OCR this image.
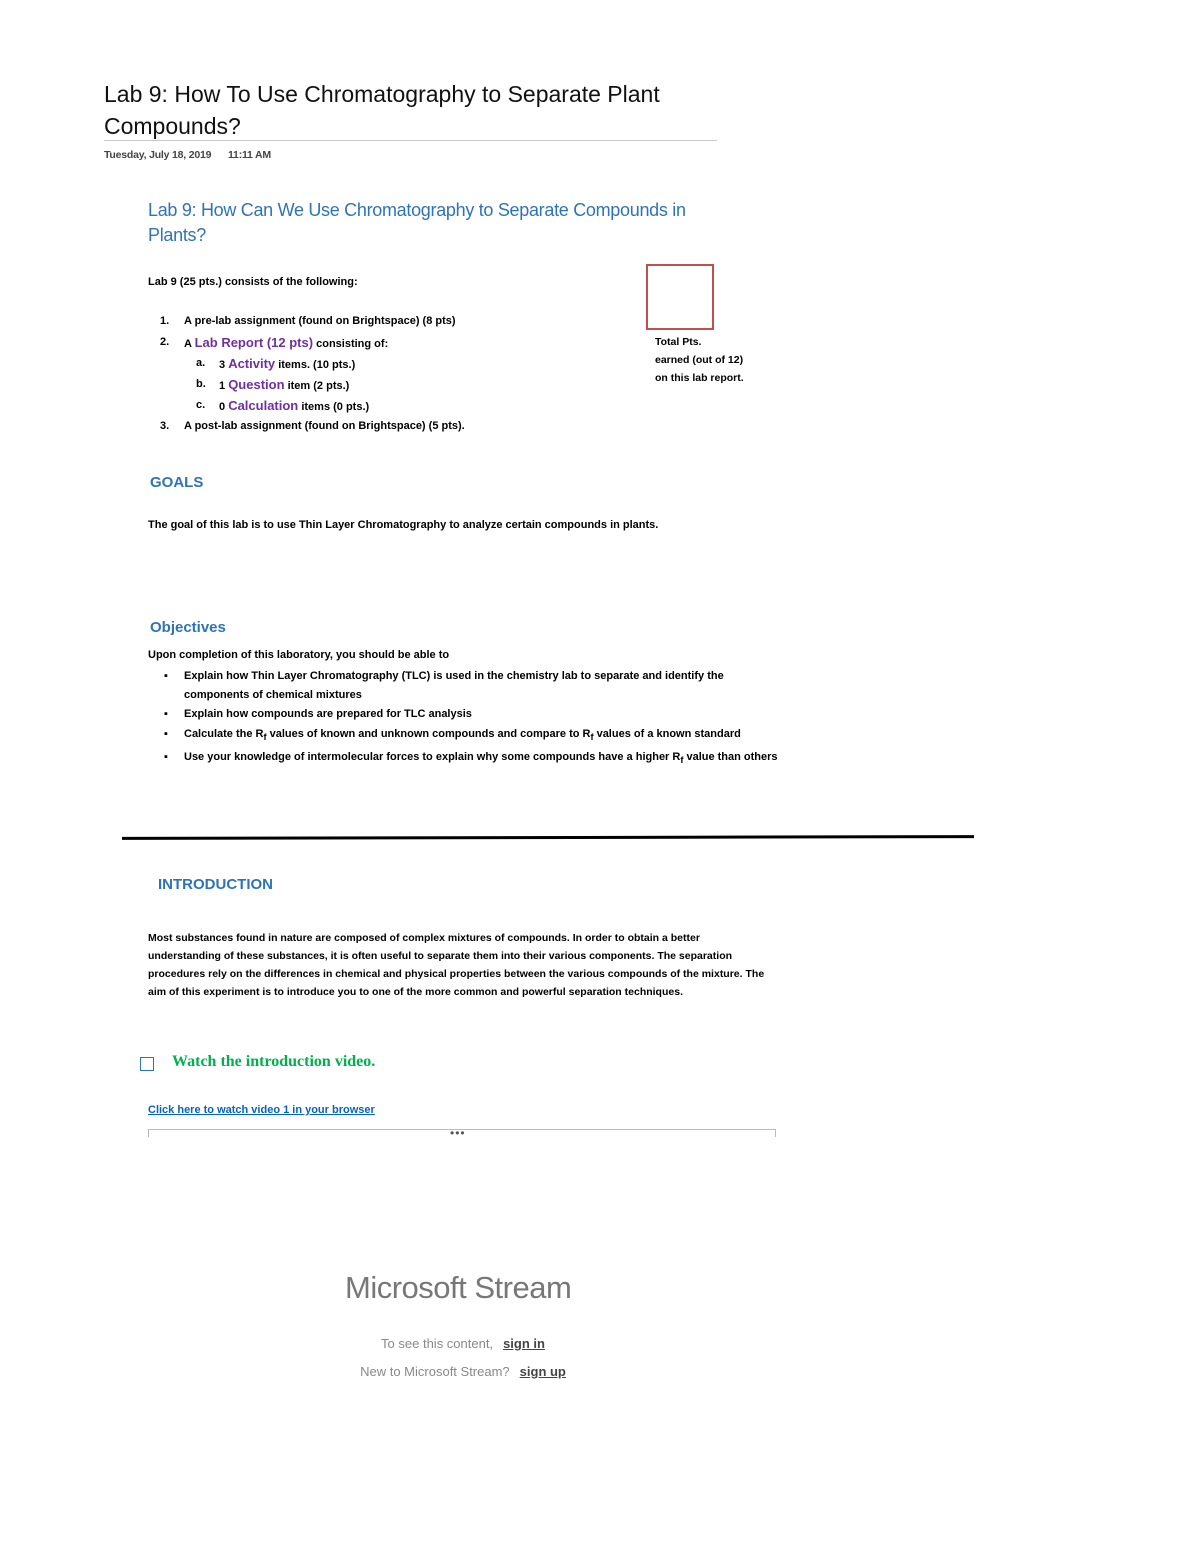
Lab 9: How To Use Chromatography to Separate Plant Compounds?
Tuesday, July 18, 2019 11:11 AM
Lab 9: How Can We Use Chromatography to Separate Compounds in Plants?
Lab 9 (25 pts.) consists of the following:
1. A pre-lab assignment (found on Brightspace) (8 pts)
2. A Lab Report (12 pts) consisting of:
a. 3 Activity items. (10 pts.)
b. 1 Question item (2 pts.)
c. 0 Calculation items (0 pts.)
3. A post-lab assignment (found on Brightspace) (5 pts).
Total Pts.
earned (out of 12)
on this lab report.
GOALS
The goal of this lab is to use Thin Layer Chromatography to analyze certain compounds in plants.
Objectives
Upon completion of this laboratory, you should be able to
▪ Explain how Thin Layer Chromatography (TLC) is used in the chemistry lab to separate and identify the components of chemical mixtures
▪ Explain how compounds are prepared for TLC analysis
▪ Calculate the $R_f$ values of known and unknown compounds and compare to $R_f$ values of a known standard
▪ Use your knowledge of intermolecular forces to explain why some compounds have a higher $R_f$ value than others
INTRODUCTION
Most substances found in nature are composed of complex mixtures of compounds. In order to obtain a better understanding of these substances, it is often useful to separate them into their various components. The separation procedures rely on the differences in chemical and physical properties between the various compounds of the mixture. The aim of this experiment is to introduce you to one of the more common and powerful separation techniques.
Watch the introduction video.
Click here to watch video 1 in your browser
•••
Microsoft Stream
To see this content, sign in
New to Microsoft Stream? sign up
